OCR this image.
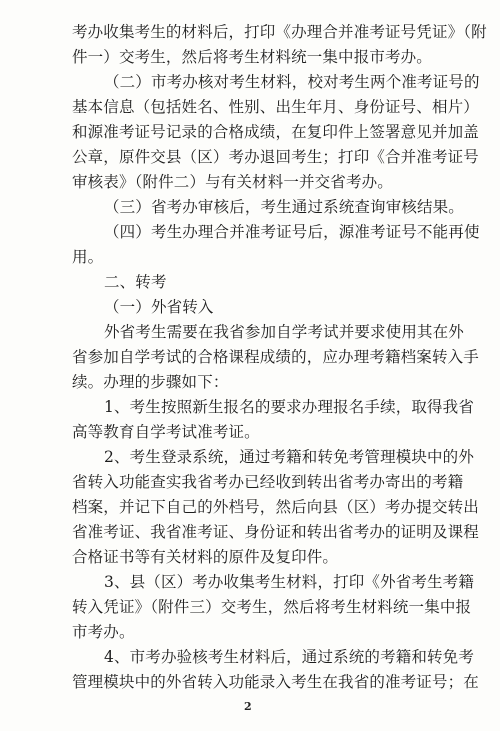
考办收集考生的材料后，打印《办理合并准考证号凭证》（附
件一）交考生，然后将考生材料统一集中报市考办。
（二）市考办核对考生材料，校对考生两个准考证号的
基本信息（包括姓名、性别、出生年月、身份证号、相片）
和源准考证号记录的合格成绩，在复印件上签署意见并加盖
公章，原件交县（区）考办退回考生；打印《合并准考证号
审核表》（附件二）与有关材料一并交省考办。
（三）省考办审核后，考生通过系统查询审核结果。
（四）考生办理合并准考证号后，源准考证号不能再使
用。
二、转考
（一）外省转入
外省考生需要在我省参加自学考试并要求使用其在外
省参加自学考试的合格课程成绩的，应办理考籍档案转入手
续。办理的步骤如下：
1、考生按照新生报名的要求办理报名手续，取得我省
高等教育自学考试准考证。
2、考生登录系统，通过考籍和转免考管理模块中的外
省转入功能查实我省考办已经收到转出省考办寄出的考籍
档案，并记下自己的外档号，然后向县（区）考办提交转出
省准考证、我省准考证、身份证和转出省考办的证明及课程
合格证书等有关材料的原件及复印件。
3、县（区）考办收集考生材料，打印《外省考生考籍
转入凭证》（附件三）交考生，然后将考生材料统一集中报
市考办。
4、市考办验核考生材料后，通过系统的考籍和转免考
管理模块中的外省转入功能录入考生在我省的准考证号；在
2
